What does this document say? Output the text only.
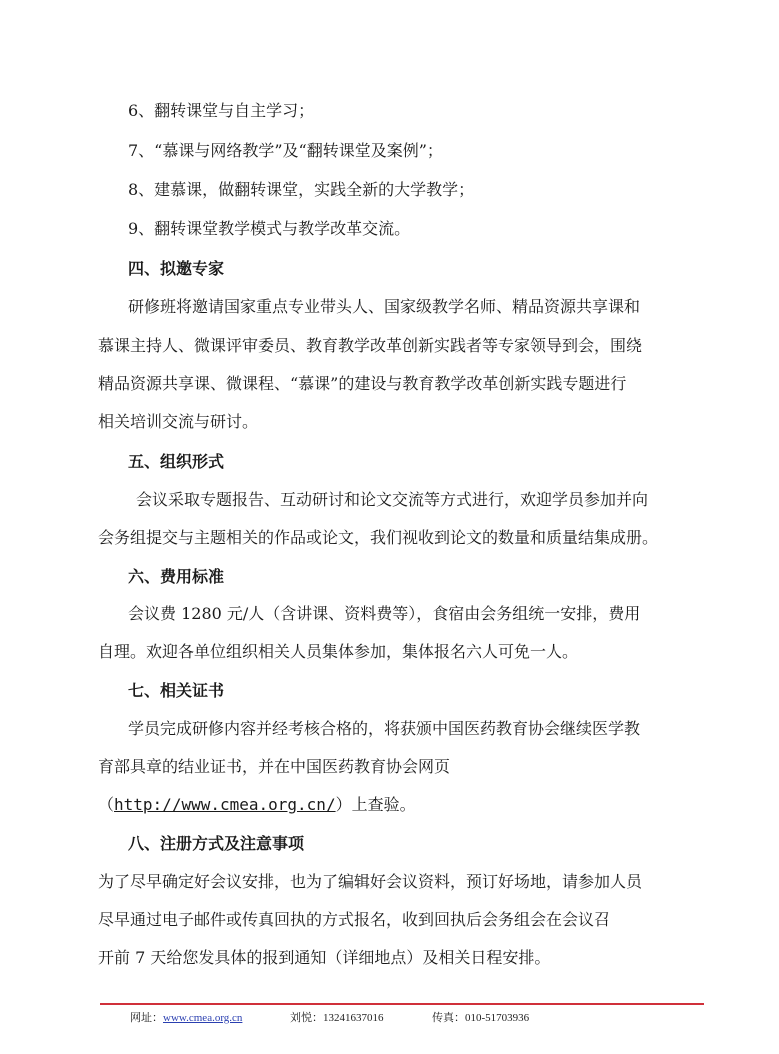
6、翻转课堂与自主学习；
7、“慕课与网络教学”及“翻转课堂及案例”；
8、建慕课，做翻转课堂，实践全新的大学教学；
9、翻转课堂教学模式与教学改革交流。
四、拟邀专家
研修班将邀请国家重点专业带头人、国家级教学名师、精品资源共享课和
慕课主持人、微课评审委员、教育教学改革创新实践者等专家领导到会，围绕
精品资源共享课、微课程、“慕课”的建设与教育教学改革创新实践专题进行
相关培训交流与研讨。
五、组织形式
会议采取专题报告、互动研讨和论文交流等方式进行，欢迎学员参加并向
会务组提交与主题相关的作品或论文，我们视收到论文的数量和质量结集成册。
六、费用标准
会议费 1280 元/人（含讲课、资料费等），食宿由会务组统一安排，费用
自理。欢迎各单位组织相关人员集体参加，集体报名六人可免一人。
七、相关证书
学员完成研修内容并经考核合格的，将获颁中国医药教育协会继续医学教
育部具章的结业证书，并在中国医药教育协会网页
（http://www.cmea.org.cn/）上查验。
八、注册方式及注意事项
为了尽早确定好会议安排，也为了编辑好会议资料，预订好场地，请参加人员
尽早通过电子邮件或传真回执的方式报名，收到回执后会务组会在会议召
开前 7 天给您发具体的报到通知（详细地点）及相关日程安排。
网址：www.cmea.org.cn	刘悦：13241637016	传真：010-51703936
